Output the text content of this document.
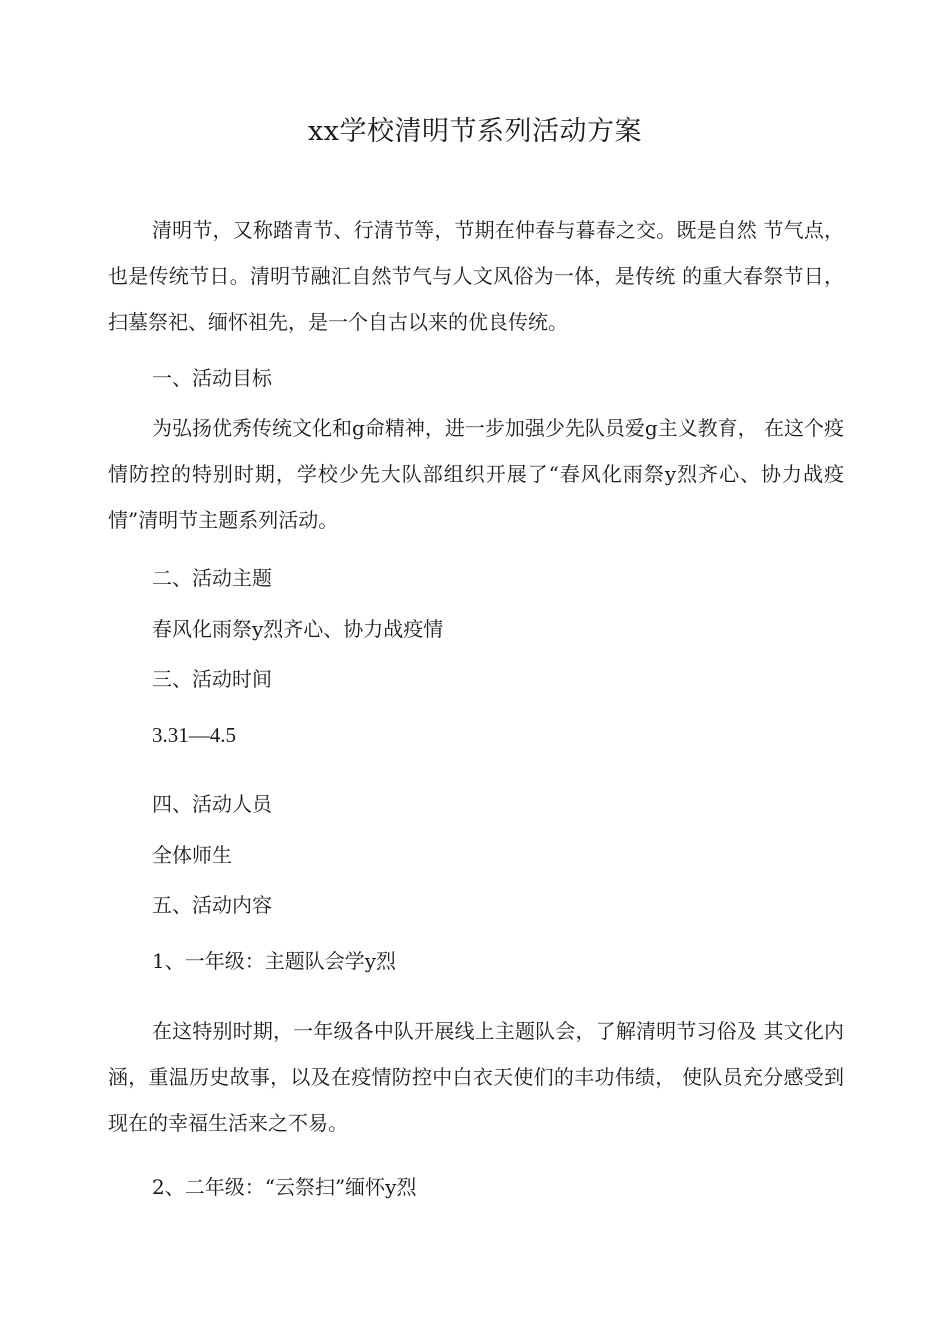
xx学校清明节系列活动方案

清明节，又称踏青节、行清节等，节期在仲春与暮春之交。既是自然 节气点，也是传统节日。清明节融汇自然节气与人文风俗为一体，是传统 的重大春祭节日，扫墓祭祀、缅怀祖先，是一个自古以来的优良传统。

一、活动目标

为弘扬优秀传统文化和g命精神，进一步加强少先队员爱g主义教育， 在这个疫情防控的特别时期，学校少先大队部组织开展了“春风化雨祭y烈齐心、协力战疫情”清明节主题系列活动。

二、活动主题
春风化雨祭y烈齐心、协力战疫情
三、活动时间
3.31—4.5
四、活动人员
全体师生
五、活动内容
1、一年级：主题队会学y烈

在这特别时期，一年级各中队开展线上主题队会，了解清明节习俗及 其文化内涵，重温历史故事，以及在疫情防控中白衣天使们的丰功伟绩， 使队员充分感受到现在的幸福生活来之不易。

2、二年级：“云祭扫”缅怀y烈
